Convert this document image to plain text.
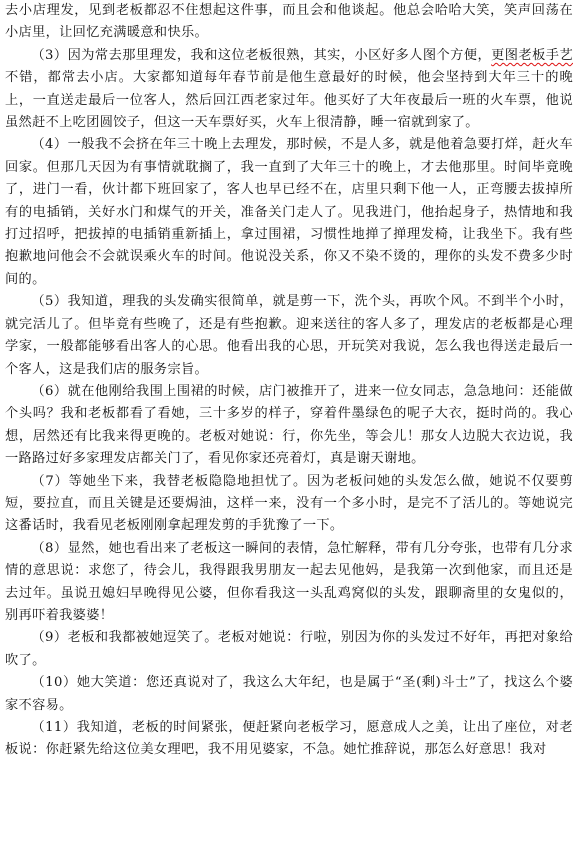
去小店理发，见到老板都忍不住想起这件事，而且会和他谈起。他总会哈哈大笑，笑声回荡在小店里，让回忆充满暖意和快乐。

（3）因为常去那里理发，我和这位老板很熟，其实，小区好多人图个方便，更图老板手艺不错，都常去小店。大家都知道每年春节前是他生意最好的时候，他会坚持到大年三十的晚上，一直送走最后一位客人，然后回江西老家过年。他买好了大年夜最后一班的火车票，他说虽然赶不上吃团圆饺子，但这一天车票好买，火车上很清静，睡一宿就到家了。

（4）一般我不会挤在年三十晚上去理发，那时候，不是人多，就是他着急要打烊，赶火车回家。但那几天因为有事情就耽搁了，我一直到了大年三十的晚上，才去他那里。时间毕竟晚了，进门一看，伙计都下班回家了，客人也早已经不在，店里只剩下他一人，正弯腰去拔掉所有的电插销，关好水门和煤气的开关，准备关门走人了。见我进门，他抬起身子，热情地和我打过招呼，把拔掉的电插销重新插上，拿过围裙，习惯性地掸了掸理发椅，让我坐下。我有些抱歉地问他会不会就误乘火车的时间。他说没关系，你又不染不烫的，理你的头发不费多少时间的。

（5）我知道，理我的头发确实很简单，就是剪一下，洗个头，再吹个风。不到半个小时，就完活儿了。但毕竟有些晚了，还是有些抱歉。迎来送往的客人多了，理发店的老板都是心理学家，一般都能够看出客人的心思。他看出我的心思，开玩笑对我说，怎么我也得送走最后一个客人，这是我们店的服务宗旨。

（6）就在他刚给我围上围裙的时候，店门被推开了，进来一位女同志，急急地问：还能做个头吗？我和老板都看了看她，三十多岁的样子，穿着件墨绿色的呢子大衣，挺时尚的。我心想，居然还有比我来得更晚的。老板对她说：行，你先坐，等会儿！那女人边脱大衣边说，我一路路过好多家理发店都关门了，看见你家还亮着灯，真是谢天谢地。

（7）等她坐下来，我替老板隐隐地担忧了。因为老板问她的头发怎么做，她说不仅要剪短，要拉直，而且关键是还要焗油，这样一来，没有一个多小时，是完不了活儿的。等她说完这番话时，我看见老板刚刚拿起理发剪的手犹豫了一下。

（8）显然，她也看出来了老板这一瞬间的表情，急忙解释，带有几分夸张，也带有几分求情的意思说：求您了，待会儿，我得跟我男朋友一起去见他妈，是我第一次到他家，而且还是去过年。虽说丑媳妇早晚得见公婆，但你看我这一头乱鸡窝似的头发，跟聊斋里的女鬼似的，别再吓着我婆婆！

（9）老板和我都被她逗笑了。老板对她说：行啦，别因为你的头发过不好年，再把对象给吹了。

（10）她大笑道：您还真说对了，我这么大年纪，也是属于“圣(剩)斗士”了，找这么个婆家不容易。

（11）我知道，老板的时间紧张，便赶紧向老板学习，愿意成人之美，让出了座位，对老板说：你赶紧先给这位美女理吧，我不用见婆家，不急。她忙推辞说，那怎么好意思！我对
